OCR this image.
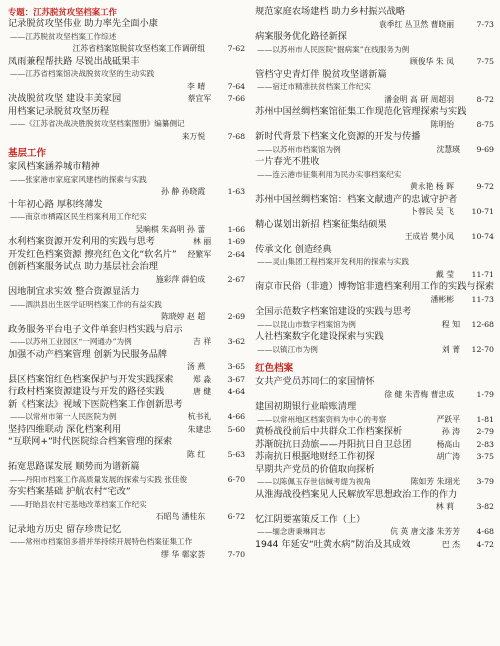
专题：江苏脱贫攻坚档案工作
记录脱贫攻坚伟业 助力率先全面小康
——江苏脱贫攻坚档案工作综述
江苏省档案馆脱贫攻坚档案工作调研组	7-62
凤雨兼程帮扶路 尽锐出战砥果丰
——江苏省档案馆决战脱贫攻坚的生动实践
李 晴	7-64
决战脱贫攻坚 建设丰美家园	蔡宜军 7-66
用档案记录脱贫攻坚历程
——《江苏省决战决胜脱贫攻坚档案图册》编纂侧记
来万悦	7-68
基层工作
家风档案涵养城市精神
——张家港市家庭家风建档的探索与实践
孙 静 孙晓霞	1-63
十年初心路 厚积终薄发
——南京市栖霞区民生档案利用工作纪实
吴晌棋 朱高明 孙 蕾	1-66
水利档案资源开发利用的实践与思考	林 丽 1-69
开发红色档案资源 擦亮红色文化“软名片” 经繁军 2-64
创新档案服务试点 助力基层社会治理
施彩萍 薛伯成	2-67
因地制宜求实效 整合资源显活力
——泗洪县出生医学证明档案工作的有益实践
陈晓婷 赵 超	2-69
政务服务平台电子文件单套归档实践与启示
——以苏州工业园区“一网通办”为例	吉 祥 3-62
加强不动产档案管理 创新为民服务品牌
汤 燕	3-65
县区档案馆红色档案保护与开发实践探索	郑 淼 3-67
行政村档案资源建设与开发的路径实践	唐 健 4-64
新《档案法》视域下医院档案工作创新思考
——以常州市第一人民医院为例	杭书礼 4-66
坚持四维联动 深化档案利用	朱建忠 5-60
“互联网+”时代医院综合档案管理的探索
陈 红	5-63
拓宽思路谋发展 顺势而为谱新篇
——丹阳市档案工作高质量发展的探索与实践 张佳俊	6-70
夯实档案基础 护航农村“宅改”
——盱眙县农村宅基地改革档案工作纪实
石昭鸟 潘桂东	6-72
记录地方历史 留存珍贵记忆
——常州市档案馆多措并举持续开展特色档案征集工作
缪 华 鄣家荟	7-70
规范家庭农场建档 助力乡村振兴战略
袁季红 丛卫然 曹晓丽	7-73
病案服务优化路径新探
——以苏州市人民医院“掘病案”在线服务为例
顾俊华 朱 凤	7-75
管档守史青灯伴 脱贫攻坚谱新篇
——宿迁市精准扶贫档案工作纪实
潘金明 高 研 周超羽	8-72
苏州中国丝绸档案馆征集工作现范化管理探索与实践
陈明怡	8-75
新时代背景下档案文化资源的开发与传播
——以苏州市档案馆为例	沈慧瑛 9-69
一片春光不胜收
——连云港市征集利用为民办实事档案纪实
黄永艳 杨 晖	9-72
苏州中国丝绸档案馆：档案文献遗产的忠诚守护者
卜蓉民 吴 飞	10-71
精心谋划出新招 档案征集结硕果
王成岩 樊小凤	10-74
传承文化 创造经典
——灵山集团工程档案开发利用的探索与实践
戴 莹	11-71
南京市民俗（非遗）博物馆非遗档案利用工作的实践与探索
潘彬彬	11-73
全国示范数字档案馆建设的实践与思考
——以昆山市数字档案馆为例	程 知 12-68
人社档案数字化建设探索与实践
——以镇江市为例	刘 菁 12-70
红色档案
女共产党员苏同仁的家国情怀
徐 健 朱青梅 曹忠成	1-79
建国初期银行业暗账清理
——以常州地区档案资料为中心的考察	严跃平 1-81
黄桥战役前后中共群众工作档案探析	孙 涛 2-79
苏渐皖抗日劲旅——丹阳抗日自卫总团	杨高山 2-83
苏南抗日根据地财经工作初探	胡广涛 3-75
早期共产党员的价值取向探析
——以陈佩玉存世信缄考缇为视角	陈如芳 朱翊光 3-79
从淮海战役档案见人民解放军思想政治工作的作力
林 莉	3-82
忆江阴要塞策反工作（上）
——缅念唐秉琳同志	伉 英 唐文漆 朱芳芳 4-68
1944 年延安“吐黄水病”防治及其成效	巴 杰 4-72
